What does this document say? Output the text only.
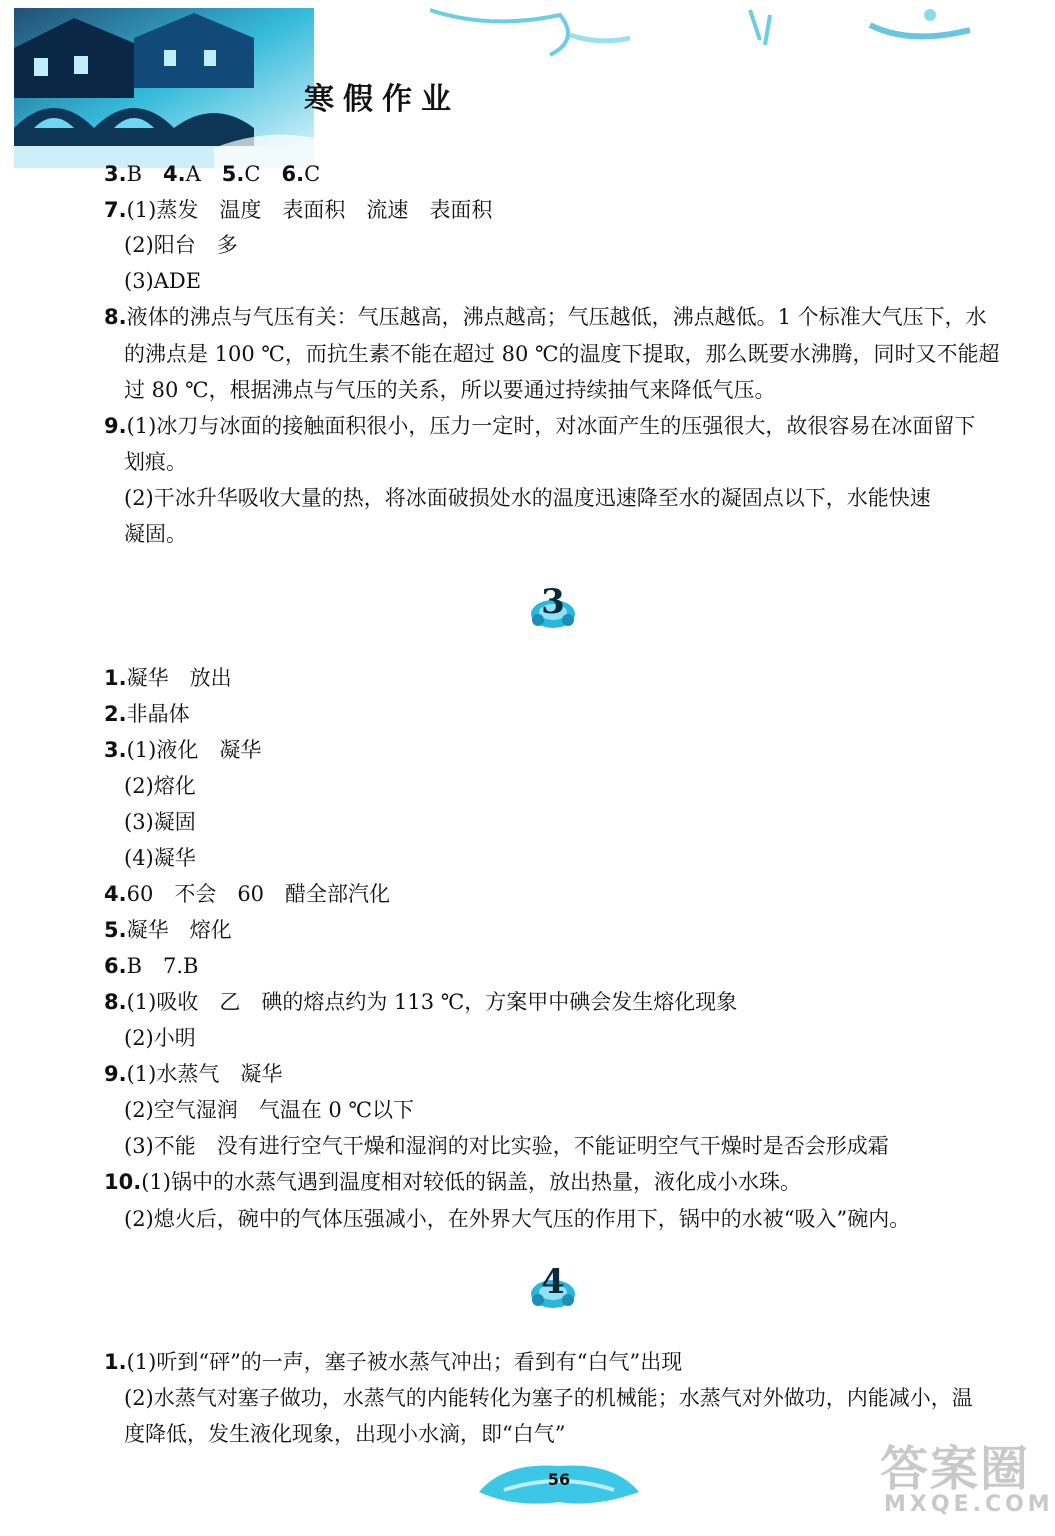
寒假作业
3.B　4.A　5.C　6.C
7.(1)蒸发　温度　表面积　流速　表面积
(2)阳台　多
(3)ADE
8.液体的沸点与气压有关：气压越高，沸点越高；气压越低，沸点越低。1 个标准大气压下，水
的沸点是 100 ℃，而抗生素不能在超过 80 ℃的温度下提取，那么既要水沸腾，同时又不能超
过 80 ℃，根据沸点与气压的关系，所以要通过持续抽气来降低气压。
9.(1)冰刀与冰面的接触面积很小，压力一定时，对冰面产生的压强很大，故很容易在冰面留下
划痕。
(2)干冰升华吸收大量的热，将冰面破损处水的温度迅速降至水的凝固点以下，水能快速
凝固。
3
1.凝华　放出
2.非晶体
3.(1)液化　凝华
(2)熔化
(3)凝固
(4)凝华
4.60　不会　60　醋全部汽化
5.凝华　熔化
6.B　7.B
8.(1)吸收　乙　碘的熔点约为 113 ℃，方案甲中碘会发生熔化现象
(2)小明
9.(1)水蒸气　凝华
(2)空气湿润　气温在 0 ℃以下
(3)不能　没有进行空气干燥和湿润的对比实验，不能证明空气干燥时是否会形成霜
10.(1)锅中的水蒸气遇到温度相对较低的锅盖，放出热量，液化成小水珠。
(2)熄火后，碗中的气体压强减小，在外界大气压的作用下，锅中的水被“吸入”碗内。
4
1.(1)听到“砰”的一声，塞子被水蒸气冲出；看到有“白气”出现
(2)水蒸气对塞子做功，水蒸气的内能转化为塞子的机械能；水蒸气对外做功，内能减小，温
度降低，发生液化现象，出现小水滴，即“白气”
56	答案圈
MXQE.COM
